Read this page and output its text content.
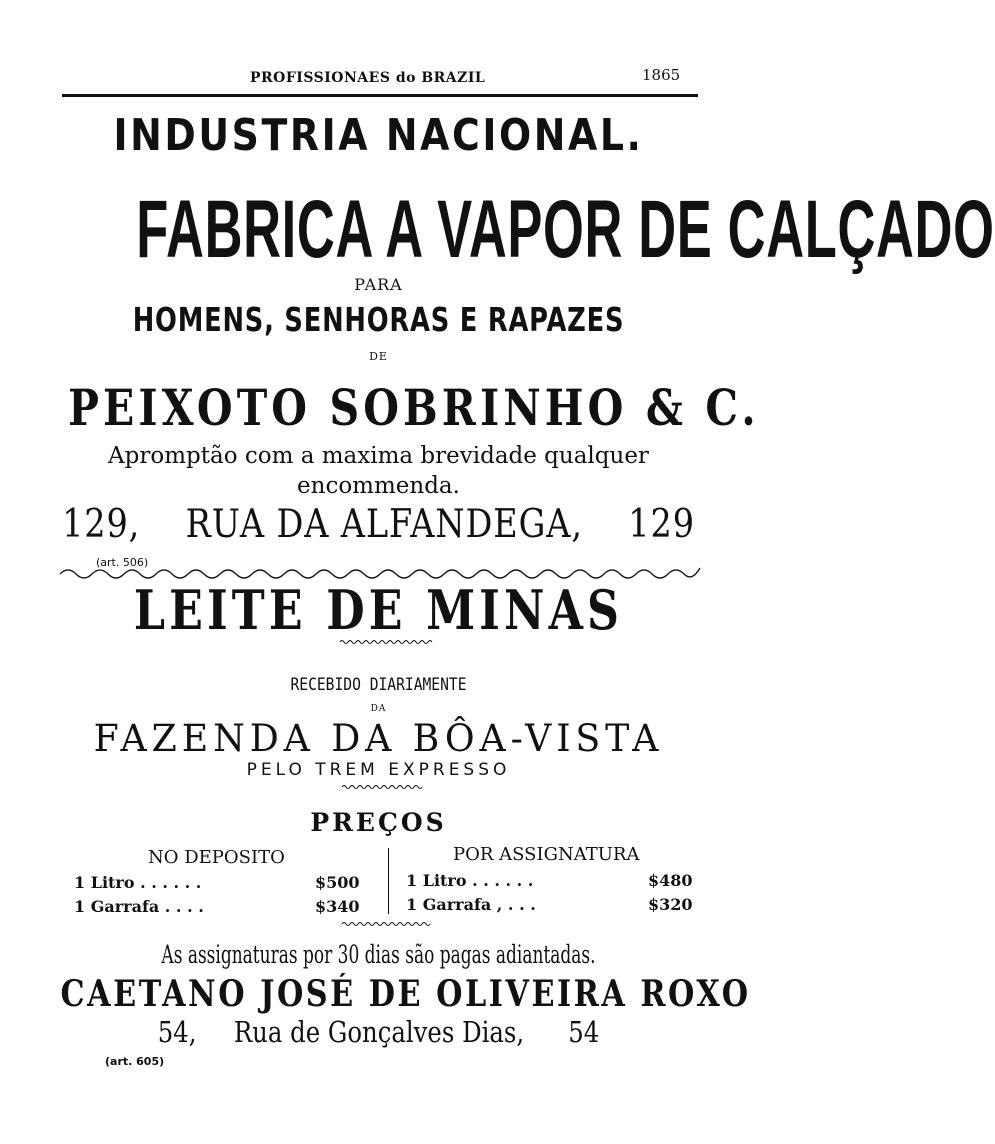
PROFISSIONAES do BRAZIL	1865
INDUSTRIA NACIONAL.
FABRICA A VAPOR DE CALÇADO
PARA
HOMENS, SENHORAS E RAPAZES
DE
PEIXOTO SOBRINHO & C.
Apromptão com a maxima brevidade qualquer
encommenda.
129, RUA DA ALFANDEGA, 129
(art. 506)
LEITE DE MINAS
RECEBIDO DIARIAMENTE
DA
FAZENDA DA BÔA-VISTA
PELO TREM EXPRESSO
PREÇOS
NO DEPOSITO	POR ASSIGNATURA
1 Litro . . . . . .	$500
1 Garrafa . . . .	$340
1 Litro . . . . . .	$480
1 Garrafa , . . .	$320
As assignaturas por 30 dias são pagas adiantadas.
CAETANO JOSÉ DE OLIVEIRA ROXO
54, Rua de Gonçalves Dias, 54
(art. 605)
